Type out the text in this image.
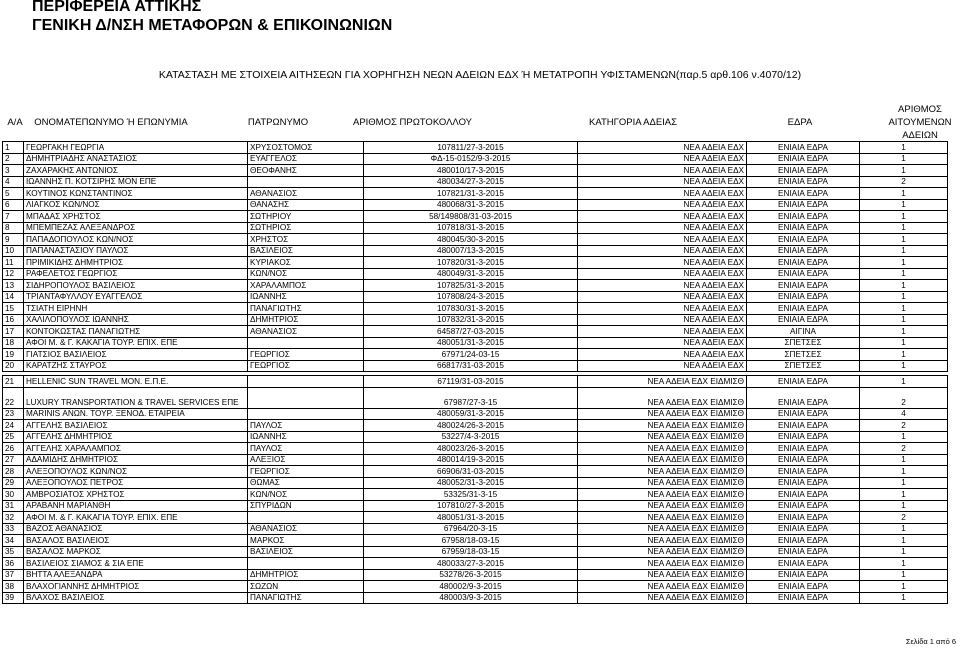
ΠΕΡΙΦΕΡΕΙΑ ΑΤΤΙΚΗΣ
ΓΕΝΙΚΗ Δ/ΝΣΗ ΜΕΤΑΦΟΡΩΝ & ΕΠΙΚΟΙΝΩΝΙΩΝ
ΚΑΤΑΣΤΑΣΗ ΜΕ ΣΤΟΙΧΕΙΑ ΑΙΤΗΣΕΩΝ ΓΙΑ ΧΟΡΗΓΗΣΗ ΝΕΩΝ ΑΔΕΙΩΝ ΕΔΧ Ή ΜΕΤΑΤΡΟΠΗ ΥΦΙΣΤΑΜΕΝΩΝ(παρ.5 αρθ.106 ν.4070/12)
Α/Α	ΟΝΟΜΑΤΕΠΩΝΥΜΟ Ή ΕΠΩΝΥΜΙΑ	ΠΑΤΡΩΝΥΜΟ	ΑΡΙΘΜΟΣ ΠΡΩΤΟΚΟΛΛΟΥ	ΚΑΤΗΓΟΡΙΑ ΑΔΕΙΑΣ	ΕΔΡΑ
ΑΡΙΘΜΟΣ
ΑΙΤΟΥΜΕΝΩΝ
ΑΔΕΙΩΝ
1	ΓΕΩΡΓΑΚΗ ΓΕΩΡΓΙΑ	ΧΡΥΣΟΣΤΟΜΟΣ	107811/27-3-2015	ΝΕΑ ΑΔΕΙΑ ΕΔΧ	ΕΝΙΑΙΑ ΕΔΡΑ	1
2	ΔΗΜΗΤΡΙΑΔΗΣ ΑΝΑΣΤΑΣΙΟΣ	ΕΥΑΓΓΕΛΟΣ	ΦΔ-15-0152/9-3-2015	ΝΕΑ ΑΔΕΙΑ ΕΔΧ	ΕΝΙΑΙΑ ΕΔΡΑ	1
3	ΖΑΧΑΡΑΚΗΣ ΑΝΤΩΝΙΟΣ	ΘΕΟΦΑΝΗΣ	480010/17-3-2015	ΝΕΑ ΑΔΕΙΑ ΕΔΧ	ΕΝΙΑΙΑ ΕΔΡΑ	1
4	ΙΩΑΝΝΗΣ Π. ΚΟΤΣΙΡΗΣ ΜΟΝ ΕΠΕ		480034/27-3-2015	ΝΕΑ ΑΔΕΙΑ ΕΔΧ	ΕΝΙΑΙΑ ΕΔΡΑ	2
5	ΚΟΥΤΙΝΟΣ ΚΩΝΣΤΑΝΤΙΝΟΣ	ΑΘΑΝΑΣΙΟΣ	107821/31-3-2015	ΝΕΑ ΑΔΕΙΑ ΕΔΧ	ΕΝΙΑΙΑ ΕΔΡΑ	1
6	ΛΙΑΓΚΟΣ ΚΩΝ/ΝΟΣ	ΘΑΝΑΣΗΣ	480068/31-3-2015	ΝΕΑ ΑΔΕΙΑ ΕΔΧ	ΕΝΙΑΙΑ ΕΔΡΑ	1
7	ΜΠΑΔΑΣ ΧΡΗΣΤΟΣ	ΣΩΤΗΡΙΟΥ	58/149808/31-03-2015	ΝΕΑ ΑΔΕΙΑ ΕΔΧ	ΕΝΙΑΙΑ ΕΔΡΑ	1
8	ΜΠΕΜΠΕΖΑΣ ΑΛΕΞΑΝΔΡΟΣ	ΣΩΤΗΡΙΟΣ	107818/31-3-2015	ΝΕΑ ΑΔΕΙΑ ΕΔΧ	ΕΝΙΑΙΑ ΕΔΡΑ	1
9	ΠΑΠΑΔΟΠΟΥΛΟΣ ΚΩΝ/ΝΟΣ	ΧΡΗΣΤΟΣ	480045/30-3-2015	ΝΕΑ ΑΔΕΙΑ ΕΔΧ	ΕΝΙΑΙΑ ΕΔΡΑ	1
10	ΠΑΠΑΝΑΣΤΑΣΙΟΥ ΠΑΥΛΟΣ	ΒΑΣΙΛΕΙΟΣ	480007/13-3-2015	ΝΕΑ ΑΔΕΙΑ ΕΔΧ	ΕΝΙΑΙΑ ΕΔΡΑ	1
11	ΠΡΙΜΙΚΙΔΗΣ ΔΗΜΗΤΡΙΟΣ	ΚΥΡΙΑΚΟΣ	107820/31-3-2015	ΝΕΑ ΑΔΕΙΑ ΕΔΧ	ΕΝΙΑΙΑ ΕΔΡΑ	1
12	ΡΑΦΕΛΕΤΟΣ ΓΕΩΡΓΙΟΣ	ΚΩΝ/ΝΟΣ	480049/31-3-2015	ΝΕΑ ΑΔΕΙΑ ΕΔΧ	ΕΝΙΑΙΑ ΕΔΡΑ	1
13	ΣΙΔΗΡΟΠΟΥΛΟΣ ΒΑΣΙΛΕΙΟΣ	ΧΑΡΑΛΑΜΠΟΣ	107825/31-3-2015	ΝΕΑ ΑΔΕΙΑ ΕΔΧ	ΕΝΙΑΙΑ ΕΔΡΑ	1
14	ΤΡΙΑΝΤΑΦΥΛΛΟΥ ΕΥΑΓΓΕΛΟΣ	ΙΩΑΝΝΗΣ	107808/24-3-2015	ΝΕΑ ΑΔΕΙΑ ΕΔΧ	ΕΝΙΑΙΑ ΕΔΡΑ	1
15	ΤΣΙΑΤΗ ΕΙΡΗΝΗ	ΠΑΝΑΓΙΩΤΗΣ	107830/31-3-2015	ΝΕΑ ΑΔΕΙΑ ΕΔΧ	ΕΝΙΑΙΑ ΕΔΡΑ	1
16	ΧΑΛΙΛΟΠΟΥΛΟΣ ΙΩΑΝΝΗΣ	ΔΗΜΗΤΡΙΟΣ	107832/31-3-2015	ΝΕΑ ΑΔΕΙΑ ΕΔΧ	ΕΝΙΑΙΑ ΕΔΡΑ	1
17	ΚΟΝΤΟΚΩΣΤΑΣ ΠΑΝΑΓΙΩΤΗΣ	ΑΘΑΝΑΣΙΟΣ	64587/27-03-2015	ΝΕΑ ΑΔΕΙΑ ΕΔΧ	ΑΙΓΙΝΑ	1
18	ΑΦΟΙ Μ. & Γ. ΚΑΚΑΓΙΑ ΤΟΥΡ. ΕΠΙΧ. ΕΠΕ		480051/31-3-2015	ΝΕΑ ΑΔΕΙΑ ΕΔΧ	ΣΠΕΤΣΕΣ	1
19	ΓΙΑΤΣΙΟΣ ΒΑΣΙΛΕΙΟΣ	ΓΕΩΡΓΙΟΣ	67971/24-03-15	ΝΕΑ ΑΔΕΙΑ ΕΔΧ	ΣΠΕΤΣΕΣ	1
20	ΚΑΡΑΤΖΗΣ ΣΤΑΥΡΟΣ	ΓΕΩΡΓΙΟΣ	66817/31-03-2015	ΝΕΑ ΑΔΕΙΑ ΕΔΧ	ΣΠΕΤΣΕΣ	1

21	HELLENIC SUN TRAVEL ΜΟΝ. Ε.Π.Ε.		67119/31-03-2015	ΝΕΑ ΑΔΕΙΑ ΕΔΧ ΕΙΔΜΙΣΘ	ΕΝΙΑΙΑ ΕΔΡΑ	1
22	LUXURY TRANSPORTATION & TRAVEL SERVICES ΕΠΕ		67987/27-3-15	ΝΕΑ ΑΔΕΙΑ ΕΔΧ ΕΙΔΜΙΣΘ	ΕΝΙΑΙΑ ΕΔΡΑ	2
23	MARINIS ΑΝΩΝ. ΤΟΥΡ. ΞΕΝΟΔ. ΕΤΑΙΡΕΙΑ		480059/31-3-2015	ΝΕΑ ΑΔΕΙΑ ΕΔΧ ΕΙΔΜΙΣΘ	ΕΝΙΑΙΑ ΕΔΡΑ	4
24	ΑΓΓΕΛΗΣ ΒΑΣΙΛΕΙΟΣ	ΠΑΥΛΟΣ	480024/26-3-2015	ΝΕΑ ΑΔΕΙΑ ΕΔΧ ΕΙΔΜΙΣΘ	ΕΝΙΑΙΑ ΕΔΡΑ	2
25	ΑΓΓΕΛΗΣ ΔΗΜΗΤΡΙΟΣ	ΙΩΑΝΝΗΣ	53227/4-3-2015	ΝΕΑ ΑΔΕΙΑ ΕΔΧ ΕΙΔΜΙΣΘ	ΕΝΙΑΙΑ ΕΔΡΑ	1
26	ΑΓΓΕΛΗΣ ΧΑΡΑΛΑΜΠΟΣ	ΠΑΥΛΟΣ	480023/26-3-2015	ΝΕΑ ΑΔΕΙΑ ΕΔΧ ΕΙΔΜΙΣΘ	ΕΝΙΑΙΑ ΕΔΡΑ	2
27	ΑΔΑΜΙΔΗΣ ΔΗΜΗΤΡΙΟΣ	ΑΛΕΞΙΟΣ	480014/19-3-2015	ΝΕΑ ΑΔΕΙΑ ΕΔΧ ΕΙΔΜΙΣΘ	ΕΝΙΑΙΑ ΕΔΡΑ	1
28	ΑΛΕΞΟΠΟΥΛΟΣ ΚΩΝ/ΝΟΣ	ΓΕΩΡΓΙΟΣ	66906/31-03-2015	ΝΕΑ ΑΔΕΙΑ ΕΔΧ ΕΙΔΜΙΣΘ	ΕΝΙΑΙΑ ΕΔΡΑ	1
29	ΑΛΕΞΟΠΟΥΛΟΣ ΠΕΤΡΟΣ	ΘΩΜΑΣ	480052/31-3-2015	ΝΕΑ ΑΔΕΙΑ ΕΔΧ ΕΙΔΜΙΣΘ	ΕΝΙΑΙΑ ΕΔΡΑ	1
30	ΑΜΒΡΟΣΙΑΤΟΣ ΧΡΗΣΤΟΣ	ΚΩΝ/ΝΟΣ	53325/31-3-15	ΝΕΑ ΑΔΕΙΑ ΕΔΧ ΕΙΔΜΙΣΘ	ΕΝΙΑΙΑ ΕΔΡΑ	1
31	ΑΡΑΒΑΝΗ ΜΑΡΙΑΝΘΗ	ΣΠΥΡΙΔΩΝ	107810/27-3-2015	ΝΕΑ ΑΔΕΙΑ ΕΔΧ ΕΙΔΜΙΣΘ	ΕΝΙΑΙΑ ΕΔΡΑ	1
32	ΑΦΟΙ Μ. & Γ. ΚΑΚΑΓΙΑ ΤΟΥΡ. ΕΠΙΧ. ΕΠΕ		480051/31-3-2015	ΝΕΑ ΑΔΕΙΑ ΕΔΧ ΕΙΔΜΙΣΘ	ΕΝΙΑΙΑ ΕΔΡΑ	2
33	ΒΑΖΟΣ ΑΘΑΝΑΣΙΟΣ	ΑΘΑΝΑΣΙΟΣ	67964/20-3-15	ΝΕΑ ΑΔΕΙΑ ΕΔΧ ΕΙΔΜΙΣΘ	ΕΝΙΑΙΑ ΕΔΡΑ	1
34	ΒΑΣΑΛΟΣ ΒΑΣΙΛΕΙΟΣ	ΜΑΡΚΟΣ	67958/18-03-15	ΝΕΑ ΑΔΕΙΑ ΕΔΧ ΕΙΔΜΙΣΘ	ΕΝΙΑΙΑ ΕΔΡΑ	1
35	ΒΑΣΑΛΟΣ ΜΑΡΚΟΣ	ΒΑΣΙΛΕΙΟΣ	67959/18-03-15	ΝΕΑ ΑΔΕΙΑ ΕΔΧ ΕΙΔΜΙΣΘ	ΕΝΙΑΙΑ ΕΔΡΑ	1
36	ΒΑΣΙΛΕΙΟΣ ΣΙΑΜΟΣ & ΣΙΑ ΕΠΕ		480033/27-3-2015	ΝΕΑ ΑΔΕΙΑ ΕΔΧ ΕΙΔΜΙΣΘ	ΕΝΙΑΙΑ ΕΔΡΑ	1
37	ΒΗΤΤΑ ΑΛΕΞΑΝΔΡΑ	ΔΗΜΗΤΡΙΟΣ	53278/26-3-2015	ΝΕΑ ΑΔΕΙΑ ΕΔΧ ΕΙΔΜΙΣΘ	ΕΝΙΑΙΑ ΕΔΡΑ	1
38	ΒΛΑΧΟΓΙΑΝΝΗΣ ΔΗΜΗΤΡΙΟΣ	ΣΩΖΩΝ	480002/9-3-2015	ΝΕΑ ΑΔΕΙΑ ΕΔΧ ΕΙΔΜΙΣΘ	ΕΝΙΑΙΑ ΕΔΡΑ	1
39	ΒΛΑΧΟΣ ΒΑΣΙΛΕΙΟΣ	ΠΑΝΑΓΙΩΤΗΣ	480003/9-3-2015	ΝΕΑ ΑΔΕΙΑ ΕΔΧ ΕΙΔΜΙΣΘ	ΕΝΙΑΙΑ ΕΔΡΑ	1
Σελίδα 1 από 6
